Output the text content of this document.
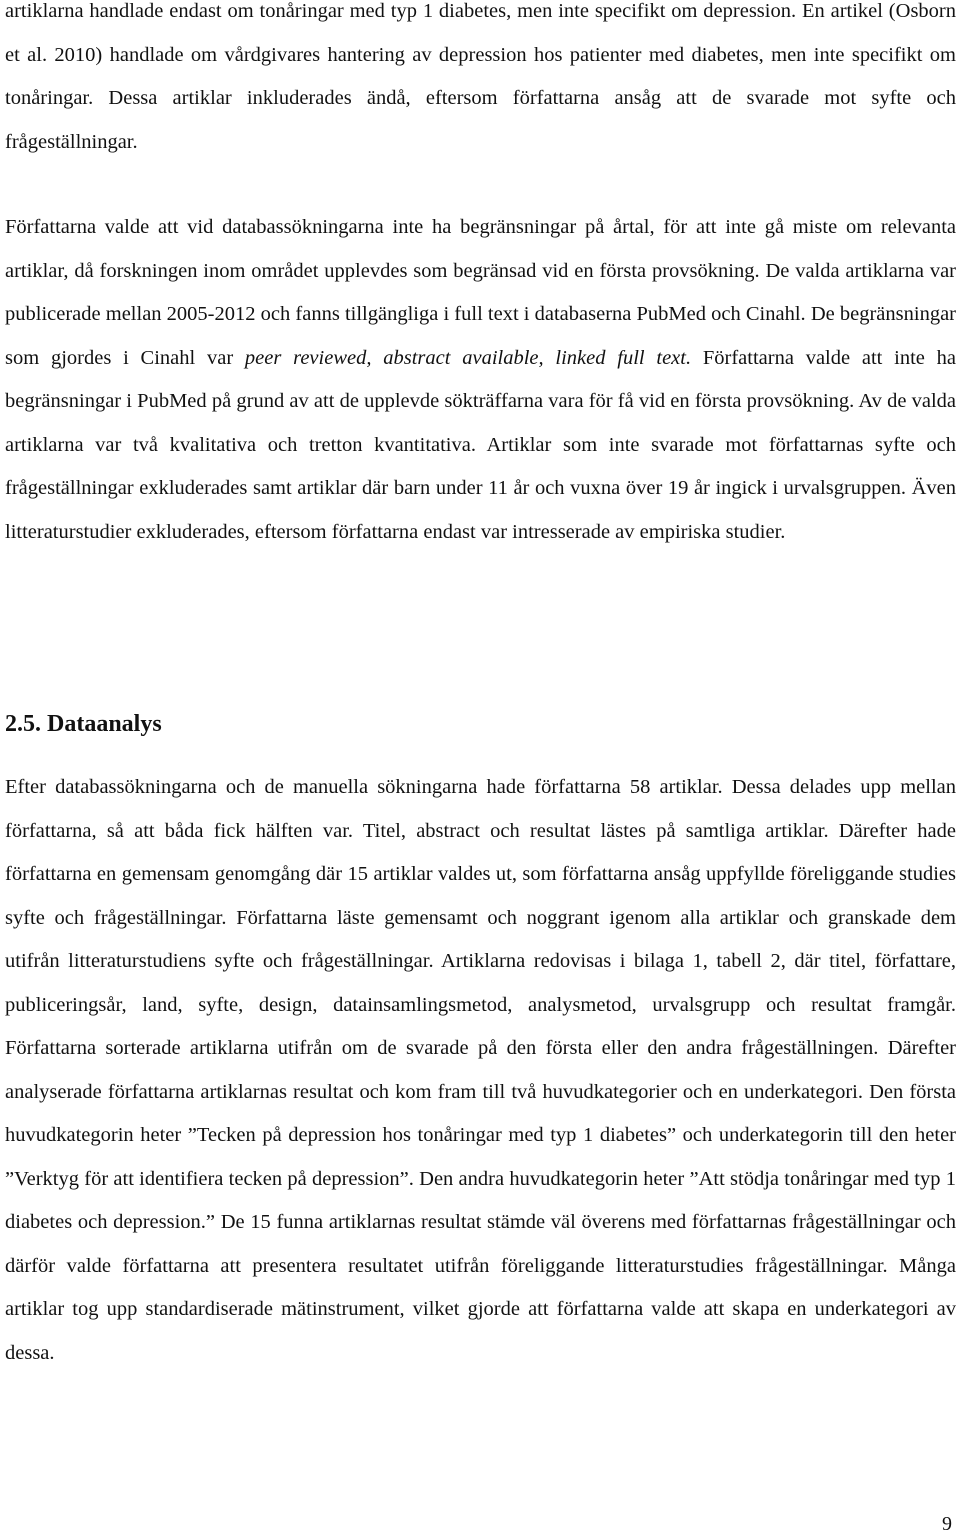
artiklarna handlade endast om tonåringar med typ 1 diabetes, men inte specifikt om depression. En artikel (Osborn et al. 2010) handlade om vårdgivares hantering av depression hos patienter med diabetes, men inte specifikt om tonåringar. Dessa artiklar inkluderades ändå, eftersom författarna ansåg att de svarade mot syfte och frågeställningar.

Författarna valde att vid databassökningarna inte ha begränsningar på årtal, för att inte gå miste om relevanta artiklar, då forskningen inom området upplevdes som begränsad vid en första provsökning. De valda artiklarna var publicerade mellan 2005-2012 och fanns tillgängliga i full text i databaserna PubMed och Cinahl. De begränsningar som gjordes i Cinahl var peer reviewed, abstract available, linked full text. Författarna valde att inte ha begränsningar i PubMed på grund av att de upplevde sökträffarna vara för få vid en första provsökning. Av de valda artiklarna var två kvalitativa och tretton kvantitativa. Artiklar som inte svarade mot författarnas syfte och frågeställningar exkluderades samt artiklar där barn under 11 år och vuxna över 19 år ingick i urvalsgruppen. Även litteraturstudier exkluderades, eftersom författarna endast var intresserade av empiriska studier.

2.5. Dataanalys

Efter databassökningarna och de manuella sökningarna hade författarna 58 artiklar. Dessa delades upp mellan författarna, så att båda fick hälften var. Titel, abstract och resultat lästes på samtliga artiklar. Därefter hade författarna en gemensam genomgång där 15 artiklar valdes ut, som författarna ansåg uppfyllde föreliggande studies syfte och frågeställningar. Författarna läste gemensamt och noggrant igenom alla artiklar och granskade dem utifrån litteraturstudiens syfte och frågeställningar. Artiklarna redovisas i bilaga 1, tabell 2, där titel, författare, publiceringsår, land, syfte, design, datainsamlingsmetod, analysmetod, urvalsgrupp och resultat framgår. Författarna sorterade artiklarna utifrån om de svarade på den första eller den andra frågeställningen. Därefter analyserade författarna artiklarnas resultat och kom fram till två huvudkategorier och en underkategori. Den första huvudkategorin heter ”Tecken på depression hos tonåringar med typ 1 diabetes” och underkategorin till den heter ”Verktyg för att identifiera tecken på depression”. Den andra huvudkategorin heter ”Att stödja tonåringar med typ 1 diabetes och depression.” De 15 funna artiklarnas resultat stämde väl överens med författarnas frågeställningar och därför valde författarna att presentera resultatet utifrån föreliggande litteraturstudies frågeställningar. Många artiklar tog upp standardiserade mätinstrument, vilket gjorde att författarna valde att skapa en underkategori av dessa.

9
